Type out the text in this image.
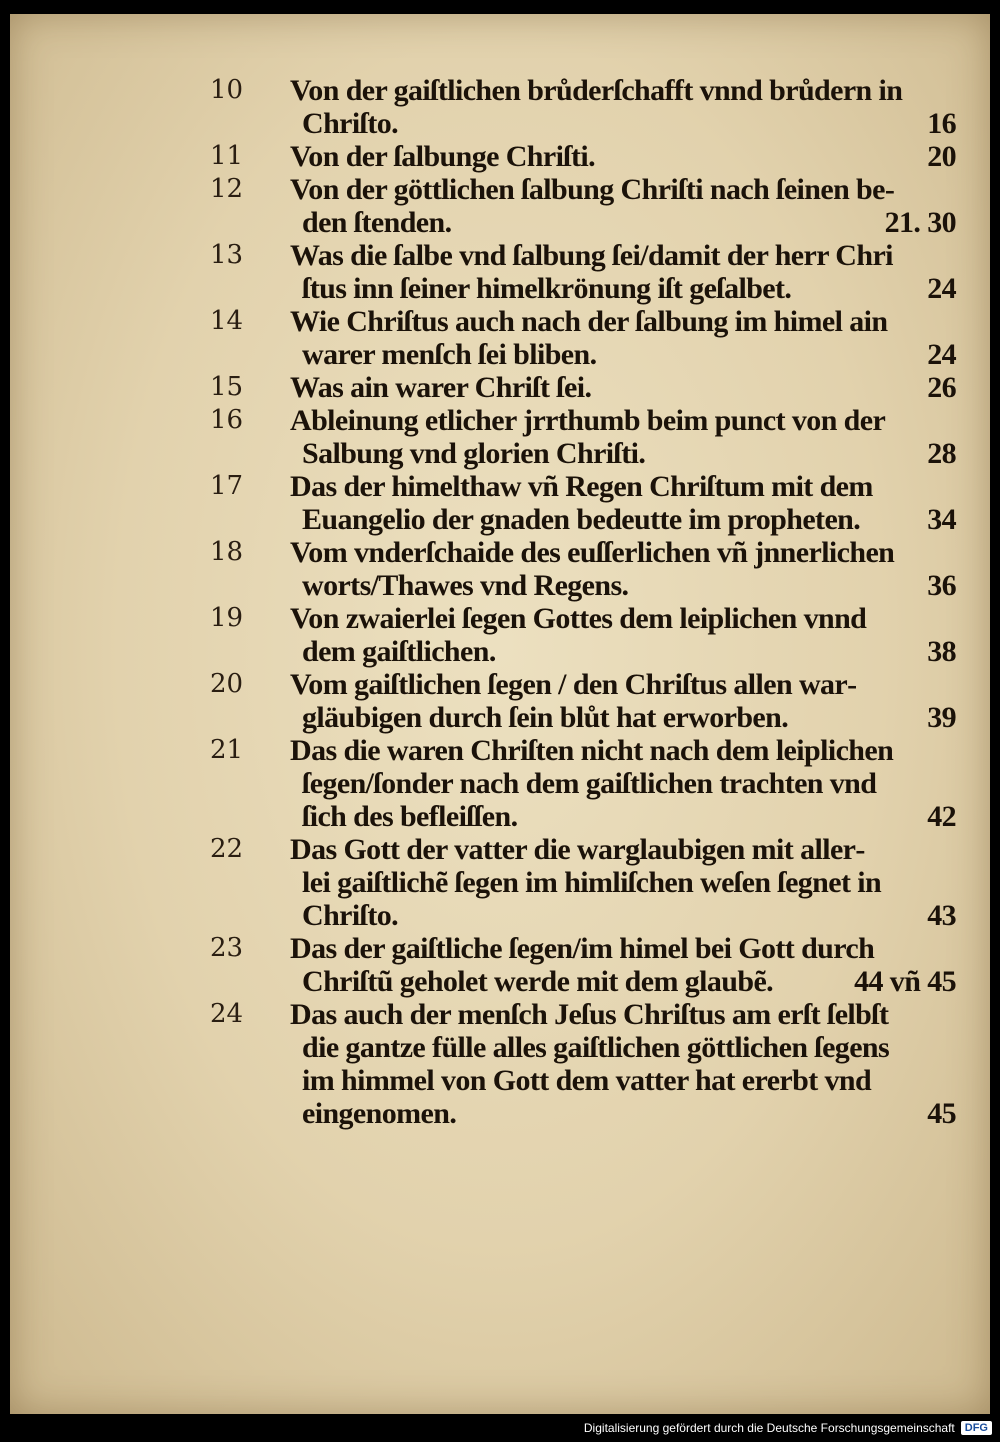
10	Von der gaiſtlichen brůderſchafft vnnd brůdern in
Chriſto.	16
11	Von der ſalbunge Chriſti.	20
12	Von der göttlichen ſalbung Chriſti nach ſeinen be‑
den ſtenden.	21. 30
13	Was die ſalbe vnd ſalbung ſei/damit der herr Chri
ſtus inn ſeiner himelkrönung iſt geſalbet.	24
14	Wie Chriſtus auch nach der ſalbung im himel ain
warer menſch ſei bliben.	24
15	Was ain warer Chriſt ſei.	26
16	Ableinung etlicher jrrthumb beim punct von der
Salbung vnd glorien Chriſti.	28
17	Das der himelthaw vñ Regen Chriſtum mit dem
Euangelio der gnaden bedeutte im propheten. 34
18	Vom vnderſchaide des euſſerlichen vñ jnnerlichen
worts/Thawes vnd Regens.	36
19	Von zwaierlei ſegen Gottes dem leiplichen vnnd
dem gaiſtlichen.	38
20	Vom gaiſtlichen ſegen / den Chriſtus allen war‑
gläubigen durch ſein blůt hat erworben.	39
21	Das die waren Chriſten nicht nach dem leiplichen
ſegen/ſonder nach dem gaiſtlichen trachten vnd
ſich des befleiſſen.	42
22	Das Gott der vatter die warglaubigen mit aller‑
lei gaiſtlichẽ ſegen im himliſchen weſen ſegnet in
Chriſto.	43
23	Das der gaiſtliche ſegen/im himel bei Gott durch
Chriſtũ geholet werde mit dem glaubẽ.	44 vñ 45
24	Das auch der menſch Jeſus Chriſtus am erſt ſelbſt
die gantze fülle alles gaiſtlichen göttlichen ſegens
im himmel von Gott dem vatter hat ererbt vnd
eingenomen.	45
Digitalisierung gefördert durch die Deutsche Forschungsgemeinschaft DFG
